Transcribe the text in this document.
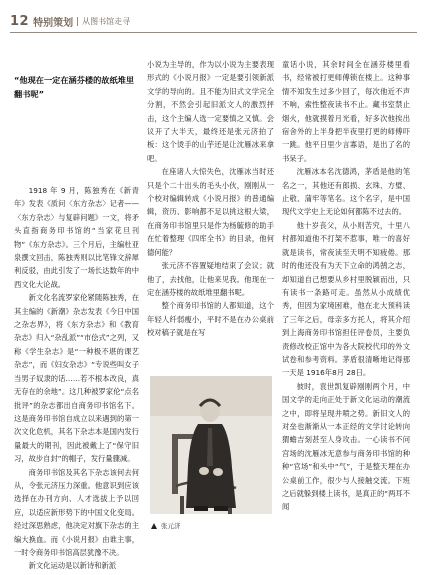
12 特别策划 从图书馆走寻
“他现在一定在涵芬楼的故纸堆里翻书呢”

1918 年 9 月，陈独秀在《新青年》发表《质问〈东方杂志〉记者——〈东方杂志〉与复辟问题》一文，将矛头直指商务印书馆的“当家花旦刊物”《东方杂志》。三个月后，主编杜亚泉撰文回击，陈独秀则以比笔锋文辞犀利反驳，由此引发了一场长达数年的中西文化大论战。

新文化名流罗家伦紧随陈独秀，在其主编的《新潮》杂志发表《今日中国之杂志界》，将《东方杂志》和《教育杂志》归入“杂乱派”“市侩式”之列，又称《学生杂志》是“一种极不堪的课艺杂志”，而《妇女杂志》“专说些叫女子当男子奴隶的话……若不根本改良，真无存在的余地”。这几种被罗家伦“点名批评”的杂志都出自商务印书馆名下。这是商务印书馆自成立以来遇到的第一次文化危机，其名下杂志本是国内发行量最大的期刊，因此被戴上了“保守旧习，故步自封”的帽子，发行量骤减。

商务印书馆及其名下杂志该何去何从，令张元济压力深重。他意识到应该选择在办刊方向、人才选拔上予以回应，以适应新形势下的中国文化变局。经过深思熟虑，他决定对旗下杂志的主编大换血。而《小说月报》由谁主事，一时令商务印书馆高层犹豫不决。

新文化运动是以新诗和新派

小说为主导的，作为以小说为主要表现形式的《小说月报》一定是要引领新派文学的导向的。且不能为旧式文学完全分割，不然会引起旧派文人的激烈抨击，这个主编人选一定要慎之又慎。会议开了大半天，最终还是张元济拍了板：这个烫手的山芋还是让沈雁冰来拿吧。

在座诸人大惊失色，沈雁冰当时还只是个二十出头的毛头小伙，刚刚从一个校对编辑转成《小说月报》的普通编辑，资历、影响都不足以挑这根大梁，在商务印书馆里只是作为杨毓修的助手在忙着整理《四库全书》的目录，他何德何能？

张元济不容置疑地结束了会议；就他了，去找他，让他来见我。他现在一定在涵芬楼的故纸堆里翻书呢。

整个商务印书馆的人都知道，这个年轻人纤弱瘦小，平时不是在办公桌前校对稿子就是在写

张元济

童话小说，其余时间全在涵芬楼里看书，经常被打更师傅锁在楼上。这种事情不知发生过多少回了，每次他近不声不响，索性整夜读书不止。藏书室禁止烟火，他就摸着月光看，好多次他挨出宿舍外的上半身把半夜里打更的师傅吓一跳。他平日里少言寡语，是出了名的书呆子。

沈雁冰本名沈德鸿，茅盾是他的笔名之一，其他还有郎损、玄珠、方璧、止敬、蒲牢等笔名。这个名字，是中国现代文学史上无论如何都陈不过去的。

他十岁丧父，从小则苦究，十里八村都知道他不打架不惹事，唯一的喜好就是读书，常夜读至天明不知疲倦。那时的他还没有为天下立命的鸿鹄之志，却知道自己想要从乡村里脱颖而出，只有读书一条路可走。虽然从小成绩优秀，但因为家境困难，他在北大预科读了三年之后，母亲多方托人，将其介绍到上海商务印书馆担任评卷员，主要负责修改校正馆中为各大院校代印的外文试卷和参考资料。茅盾很清晰地记得那一天是 1916年8月 28日。

彼时，袁世凯复辟刚刚两个月，中国文学的走向正处于新文化运动的潮流之中，即将呈现井喷之势。新旧文人的对垒也渐渐从一本正经的文学讨论转向猬蟾吉刻甚至人身攻击。一心读书不问宫场的沈雁冰无意参与商务印书馆的种种“官场”和头中“气”，于是整天埋在办公桌前工作，很少与人接触交流。下班之后就躲到楼上读书，是真正的“两耳不闻
